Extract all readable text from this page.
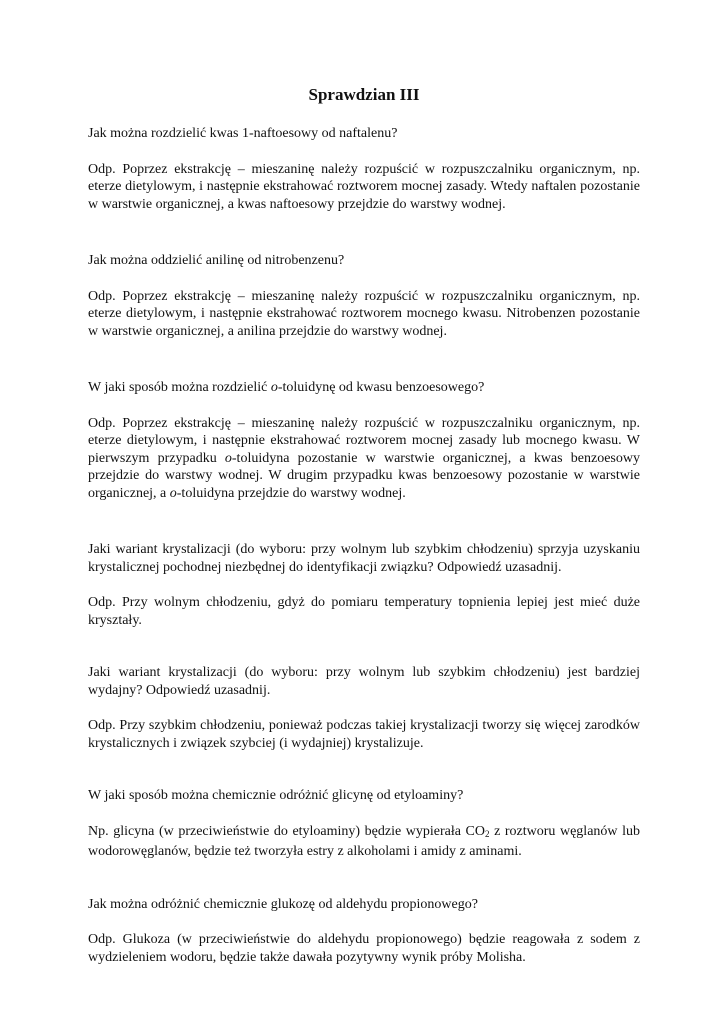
Sprawdzian III

Jak można rozdzielić kwas 1-naftoesowy od naftalenu?

Odp. Poprzez ekstrakcję – mieszaninę należy rozpuścić w rozpuszczalniku organicznym, np. eterze dietylowym, i następnie ekstrahować roztworem mocnej zasady. Wtedy naftalen pozostanie w warstwie organicznej, a kwas naftoesowy przejdzie do warstwy wodnej.

Jak można oddzielić anilinę od nitrobenzenu?

Odp. Poprzez ekstrakcję – mieszaninę należy rozpuścić w rozpuszczalniku organicznym, np. eterze dietylowym, i następnie ekstrahować roztworem mocnego kwasu. Nitrobenzen pozostanie w warstwie organicznej, a anilina przejdzie do warstwy wodnej.

W jaki sposób można rozdzielić o-toluidynę od kwasu benzoesowego?

Odp. Poprzez ekstrakcję – mieszaninę należy rozpuścić w rozpuszczalniku organicznym, np. eterze dietylowym, i następnie ekstrahować roztworem mocnej zasady lub mocnego kwasu. W pierwszym przypadku o-toluidyna pozostanie w warstwie organicznej, a kwas benzoesowy przejdzie do warstwy wodnej. W drugim przypadku kwas benzoesowy pozostanie w warstwie organicznej, a o-toluidyna przejdzie do warstwy wodnej.

Jaki wariant krystalizacji (do wyboru: przy wolnym lub szybkim chłodzeniu) sprzyja uzyskaniu krystalicznej pochodnej niezbędnej do identyfikacji związku? Odpowiedź uzasadnij.

Odp. Przy wolnym chłodzeniu, gdyż do pomiaru temperatury topnienia lepiej jest mieć duże kryształy.

Jaki wariant krystalizacji (do wyboru: przy wolnym lub szybkim chłodzeniu) jest bardziej wydajny? Odpowiedź uzasadnij.

Odp. Przy szybkim chłodzeniu, ponieważ podczas takiej krystalizacji tworzy się więcej zarodków krystalicznych i związek szybciej (i wydajniej) krystalizuje.

W jaki sposób można chemicznie odróżnić glicynę od etyloaminy?

Np. glicyna (w przeciwieństwie do etyloaminy) będzie wypierała $CO_2$ z roztworu węglanów lub wodorowęglanów, będzie też tworzyła estry z alkoholami i amidy z aminami.

Jak można odróżnić chemicznie glukozę od aldehydu propionowego?

Odp. Glukoza (w przeciwieństwie do aldehydu propionowego) będzie reagowała z sodem z wydzieleniem wodoru, będzie także dawała pozytywny wynik próby Molisha.
